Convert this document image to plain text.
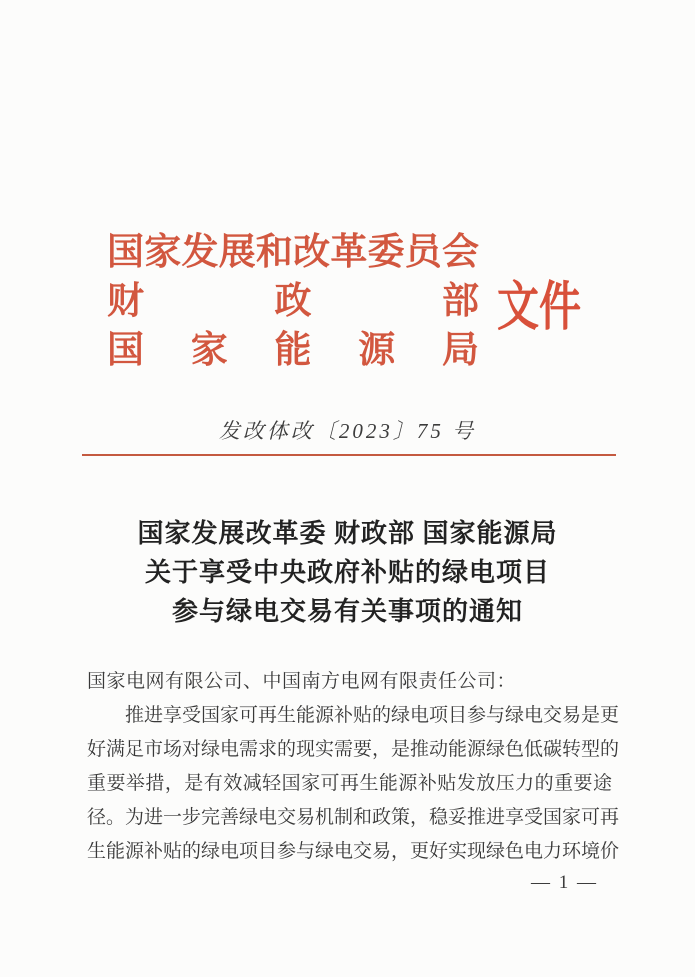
国家发展和改革委员会
财政部
国家能源局
文件
发改体改〔2023〕75 号
国家发展改革委 财政部 国家能源局
关于享受中央政府补贴的绿电项目
参与绿电交易有关事项的通知
国家电网有限公司、中国南方电网有限责任公司：
推进享受国家可再生能源补贴的绿电项目参与绿电交易是更
好满足市场对绿电需求的现实需要，是推动能源绿色低碳转型的
重要举措，是有效减轻国家可再生能源补贴发放压力的重要途
径。为进一步完善绿电交易机制和政策，稳妥推进享受国家可再
生能源补贴的绿电项目参与绿电交易，更好实现绿色电力环境价
— 1 —
